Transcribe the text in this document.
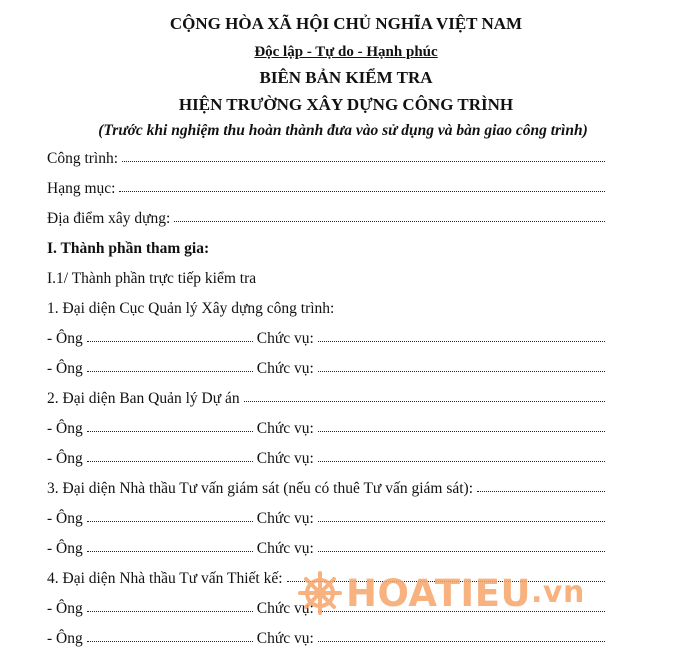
CỘNG HÒA XÃ HỘI CHỦ NGHĨA VIỆT NAM
Độc lập - Tự do - Hạnh phúc
BIÊN BẢN KIỂM TRA
HIỆN TRƯỜNG XÂY DỰNG CÔNG TRÌNH
(Trước khi nghiệm thu hoàn thành đưa vào sử dụng và bàn giao công trình)
Công trình:
Hạng mục:
Địa điểm xây dựng:
I. Thành phần tham gia:
I.1/ Thành phần trực tiếp kiểm tra
1. Đại diện Cục Quản lý Xây dựng công trình:
- Ông	Chức vụ:
- Ông	Chức vụ:
2. Đại diện Ban Quản lý Dự án
- Ông	Chức vụ:
- Ông	Chức vụ:
3. Đại diện Nhà thầu Tư vấn giám sát (nếu có thuê Tư vấn giám sát):
- Ông	Chức vụ:
- Ông	Chức vụ:
4. Đại diện Nhà thầu Tư vấn Thiết kế:
- Ông	Chức vụ:
- Ông	Chức vụ:
HOATIEU .vn
